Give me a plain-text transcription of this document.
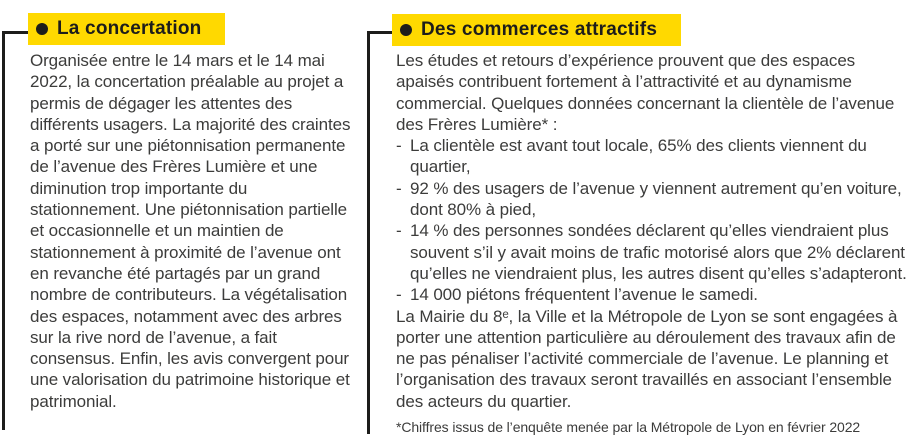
La concertation

Organisée entre le 14 mars et le 14 mai 2022, la concertation préalable au projet a permis de dégager les attentes des différents usagers. La majorité des craintes a porté sur une piétonnisation permanente de l’avenue des Frères Lumière et une diminution trop importante du stationnement. Une piétonnisation partielle et occasionnelle et un maintien de stationnement à proximité de l’avenue ont en revanche été partagés par un grand nombre de contributeurs. La végétalisation des espaces, notamment avec des arbres sur la rive nord de l’avenue, a fait consensus. Enfin, les avis convergent pour une valorisation du patrimoine historique et patrimonial.

Des commerces attractifs

Les études et retours d’expérience prouvent que des espaces apaisés contribuent fortement à l’attractivité et au dynamisme commercial. Quelques données concernant la clientèle de l’avenue des Frères Lumière* :

- La clientèle est avant tout locale, 65% des clients viennent du quartier,
- 92 % des usagers de l’avenue y viennent autrement qu’en voiture, dont 80% à pied,
- 14 % des personnes sondées déclarent qu’elles viendraient plus souvent s’il y avait moins de trafic motorisé alors que 2% déclarent qu’elles ne viendraient plus, les autres disent qu’elles s’adapteront.
- 14 000 piétons fréquentent l’avenue le samedi.

La Mairie du 8ᵉ, la Ville et la Métropole de Lyon se sont engagées à porter une attention particulière au déroulement des travaux afin de ne pas pénaliser l’activité commerciale de l’avenue. Le planning et l’organisation des travaux seront travaillés en associant l’ensemble des acteurs du quartier.

*Chiffres issus de l’enquête menée par la Métropole de Lyon en février 2022
